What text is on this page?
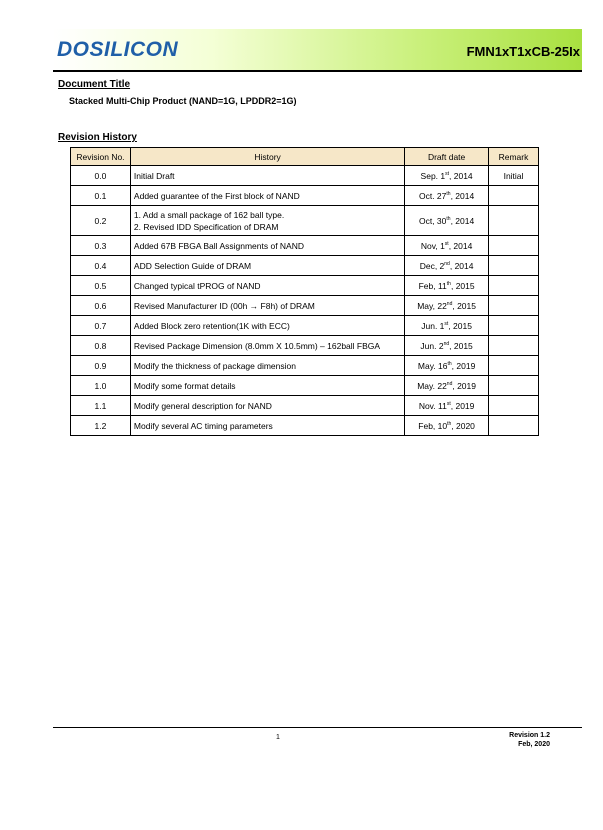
DOSILICON	FMN1xT1xCB-25Ix
Document Title
Stacked Multi-Chip Product (NAND=1G, LPDDR2=1G)
Revision History
Revision No.	History	Draft date	Remark
0.0	Initial Draft	Sep. 1st, 2014	Initial
0.1	Added guarantee of the First block of NAND	Oct. 27th, 2014	
0.2	1. Add a small package of 162 ball type.
2. Revised IDD Specification of DRAM	Oct, 30th, 2014	
0.3	Added 67B FBGA Ball Assignments of NAND	Nov, 1st, 2014	
0.4	ADD Selection Guide of DRAM	Dec, 2nd, 2014	
0.5	Changed typical tPROG of NAND	Feb, 11th, 2015	
0.6	Revised Manufacturer ID (00h → F8h) of DRAM	May, 22nd, 2015	
0.7	Added Block zero retention(1K with ECC)	Jun. 1st, 2015	
0.8	Revised Package Dimension (8.0mm X 10.5mm) – 162ball FBGA	Jun. 2nd, 2015	
0.9	Modify the thickness of package dimension	May. 16th, 2019	
1.0	Modify some format details	May. 22nd, 2019	
1.1	Modify general description for NAND	Nov. 11st, 2019	
1.2	Modify several AC timing parameters	Feb, 10th, 2020	
1	Revision 1.2
Feb, 2020
